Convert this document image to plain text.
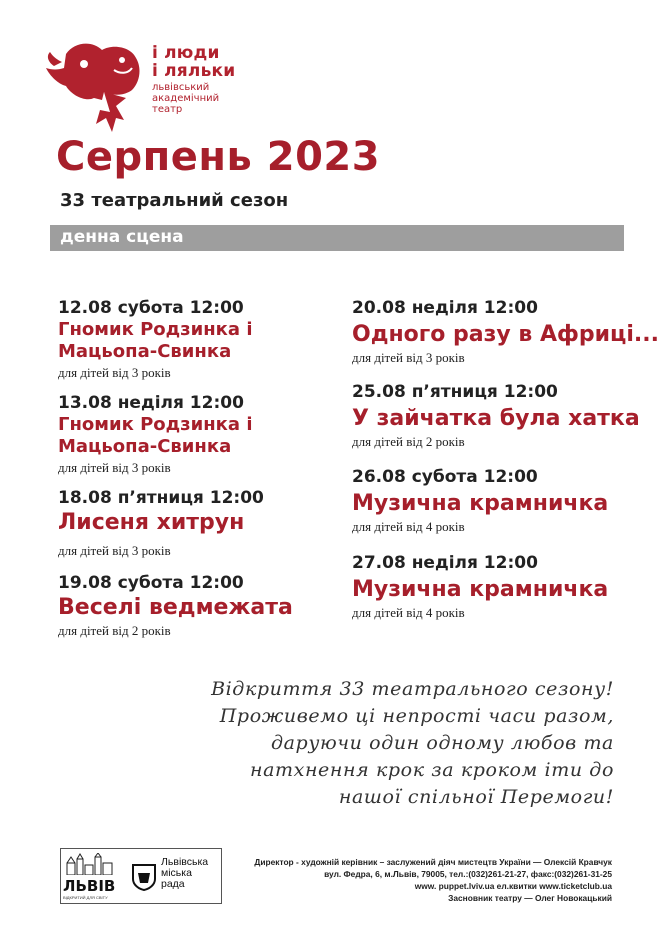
і люди
і ляльки
львівський
академічний
театр
Серпень 2023
33 театральний сезон
денна сцена
12.08 субота 12:00
Гномик Родзинка і
Мацьопа-Свинка
для дітей від 3 років
13.08 неділя 12:00
Гномик Родзинка і
Мацьопа-Свинка
для дітей від 3 років
18.08 п’ятниця 12:00
Лисеня хитрун
для дітей від 3 років
19.08 субота 12:00
Веселі ведмежата
для дітей від 2 років
20.08 неділя 12:00
Одного разу в Африці...
для дітей від 3 років
25.08 п’ятниця 12:00
У зайчатка була хатка
для дітей від 2 років
26.08 субота 12:00
Музична крамничка
для дітей від 4 років
27.08 неділя 12:00
Музична крамничка
для дітей від 4 років
Відкриття 33 театрального сезону!
Проживемо ці непрості часи разом,
даруючи один одному любов та
натхнення крок за кроком іти до
нашої спільної Перемоги!
ЛЬВІВ
ВІДКРИТИЙ ДЛЯ СВІТУ
Львівська
міська
рада
Директор - художній керівник – заслужений діяч мистецтв України — Олексій Кравчук
вул. Федра, 6, м.Львів, 79005, тел.:(032)261-21-27, факс:(032)261-31-25
www. puppet.lviv.ua ел.квитки www.ticketclub.ua
Засновник театру — Олег Новокацький
